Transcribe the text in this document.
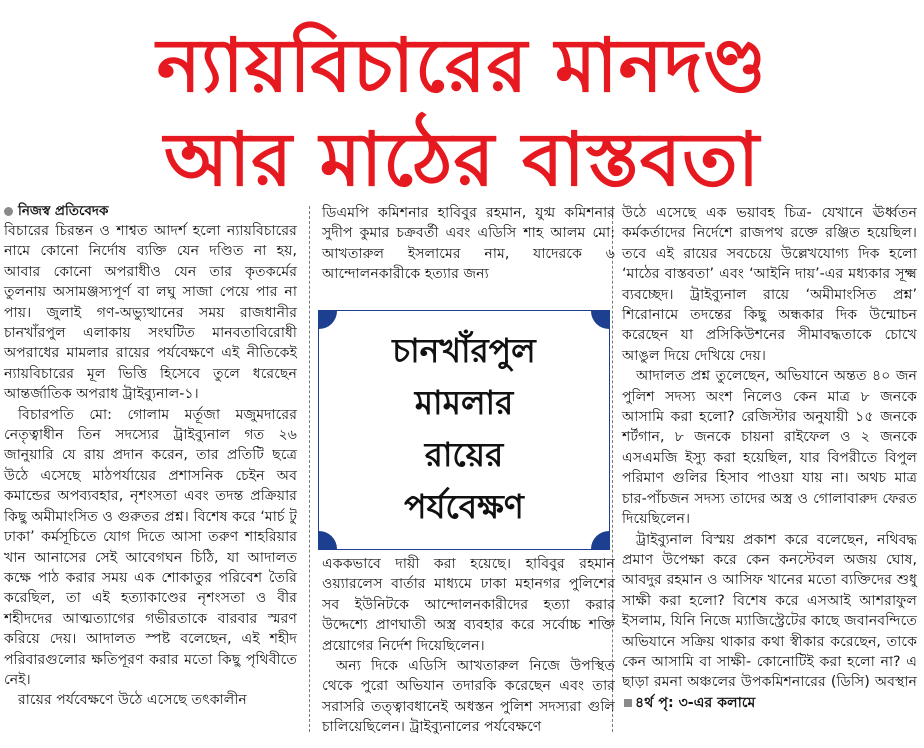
ন্যায়বিচারের মানদণ্ড
আর মাঠের বাস্তবতা
নিজস্ব প্রতিবেদক

বিচারের চিরন্তন ও শাশ্বত আদর্শ হলো ন্যায়বিচারের নামে কোনো নির্দোষ ব্যক্তি যেন দণ্ডিত না হয়, আবার কোনো অপরাধীও যেন তার কৃতকর্মের তুলনায় অসামঞ্জস্যপূর্ণ বা লঘু সাজা পেয়ে পার না পায়। জুলাই গণ-অভ্যুত্থানের সময় রাজধানীর চানখাঁরপুল এলাকায় সংঘটিত মানবতাবিরোধী অপরাধের মামলার রায়ের পর্যবেক্ষণে এই নীতিকেই ন্যায়বিচারের মূল ভিত্তি হিসেবে তুলে ধরেছেন আন্তর্জাতিক অপরাধ ট্রাইব্যুনাল-১।

বিচারপতি মো: গোলাম মর্তূজা মজুমদারের নেতৃত্বাধীন তিন সদস্যের ট্রাইব্যুনাল গত ২৬ জানুয়ারি যে রায় প্রদান করেন, তার প্রতিটি ছত্রে উঠে এসেছে মাঠপর্যায়ের প্রশাসনিক চেইন অব কমান্ডের অপব্যবহার, নৃশংসতা এবং তদন্ত প্রক্রিয়ার কিছু অমীমাংসিত ও গুরুতর প্রশ্ন। বিশেষ করে ‘মার্চ টু ঢাকা’ কর্মসূচিতে যোগ দিতে আসা তরুণ শাহরিয়ার খান আনাসের সেই আবেগঘন চিঠি, যা আদালত কক্ষে পাঠ করার সময় এক শোকাতুর পরিবেশ তৈরি করেছিল, তা এই হত্যাকাণ্ডের নৃশংসতা ও বীর শহীদদের আত্মত্যাগের গভীরতাকে বারবার স্মরণ করিয়ে দেয়। আদালত স্পষ্ট বলেছেন, এই শহীদ পরিবারগুলোর ক্ষতিপূরণ করার মতো কিছু পৃথিবীতে নেই।

রায়ের পর্যবেক্ষণে উঠে এসেছে তৎকালীন

ডিএমপি কমিশনার হাবিবুর রহমান, যুগ্ম কমিশনার সুদীপ কুমার চক্রবর্তী এবং এডিসি শাহ আলম মো: আখতারুল ইসলামের নাম, যাদেরকে ৬ আন্দোলনকারীকে হত্যার জন্য

চানখাঁরপুল
মামলার
রায়ের
পর্যবেক্ষণ

এককভাবে দায়ী করা হয়েছে। হাবিবুর রহমান ওয়্যারলেস বার্তার মাধ্যমে ঢাকা মহানগর পুলিশের সব ইউনিটকে আন্দোলনকারীদের হত্যা করার উদ্দেশ্যে প্রাণঘাতী অস্ত্র ব্যবহার করে সর্বোচ্চ শক্তি প্রয়োগের নির্দেশ দিয়েছিলেন।

অন্য দিকে এডিসি আখতারুল নিজে উপস্থিত থেকে পুরো অভিযান তদারকি করেছেন এবং তার সরাসরি তত্ত্বাবধানেই অধস্তন পুলিশ সদস্যরা গুলি চালিয়েছিলেন। ট্রাইব্যুনালের পর্যবেক্ষণে

উঠে এসেছে এক ভয়াবহ চিত্র- যেখানে ঊর্ধ্বতন কর্মকর্তাদের নির্দেশে রাজপথ রক্তে রঞ্জিত হয়েছিল। তবে এই রায়ের সবচেয়ে উল্লেখযোগ্য দিক হলো ‘মাঠের বাস্তবতা’ এবং ‘আইনি দায়’-এর মধ্যকার সূক্ষ্ম ব্যবচ্ছেদ। ট্রাইব্যুনাল রায়ে ‘অমীমাংসিত প্রশ্ন’ শিরোনামে তদন্তের কিছু অন্ধকার দিক উন্মোচন করেছেন যা প্রসিকিউশনের সীমাবদ্ধতাকে চোখে আঙুল দিয়ে দেখিয়ে দেয়।

আদালত প্রশ্ন তুলেছেন, অভিযানে অন্তত ৪০ জন পুলিশ সদস্য অংশ নিলেও কেন মাত্র ৮ জনকে আসামি করা হলো? রেজিস্টার অনুযায়ী ১৫ জনকে শর্টগান, ৮ জনকে চায়না রাইফেল ও ২ জনকে এসএমজি ইস্যু করা হয়েছিল, যার বিপরীতে বিপুল পরিমাণ গুলির হিসাব পাওয়া যায় না। অথচ মাত্র চার-পাঁচজন সদস্য তাদের অস্ত্র ও গোলাবারুদ ফেরত দিয়েছিলেন।

ট্রাইব্যুনাল বিস্ময় প্রকাশ করে বলেছেন, নথিবদ্ধ প্রমাণ উপেক্ষা করে কেন কনস্টেবল অজয় ঘোষ, আবদুর রহমান ও আসিফ খানের মতো ব্যক্তিদের শুধু সাক্ষী করা হলো? বিশেষ করে এসআই আশরাফুল ইসলাম, যিনি নিজে ম্যাজিস্ট্রেটের কাছে জবানবন্দিতে অভিযানে সক্রিয় থাকার কথা স্বীকার করেছেন, তাকে কেন আসামি বা সাক্ষী- কোনোটিই করা হলো না? এ ছাড়া রমনা অঞ্চলের উপকমিশনারের (ডিসি) অবস্থান ৪র্থ পৃ: ৩-এর কলামে
